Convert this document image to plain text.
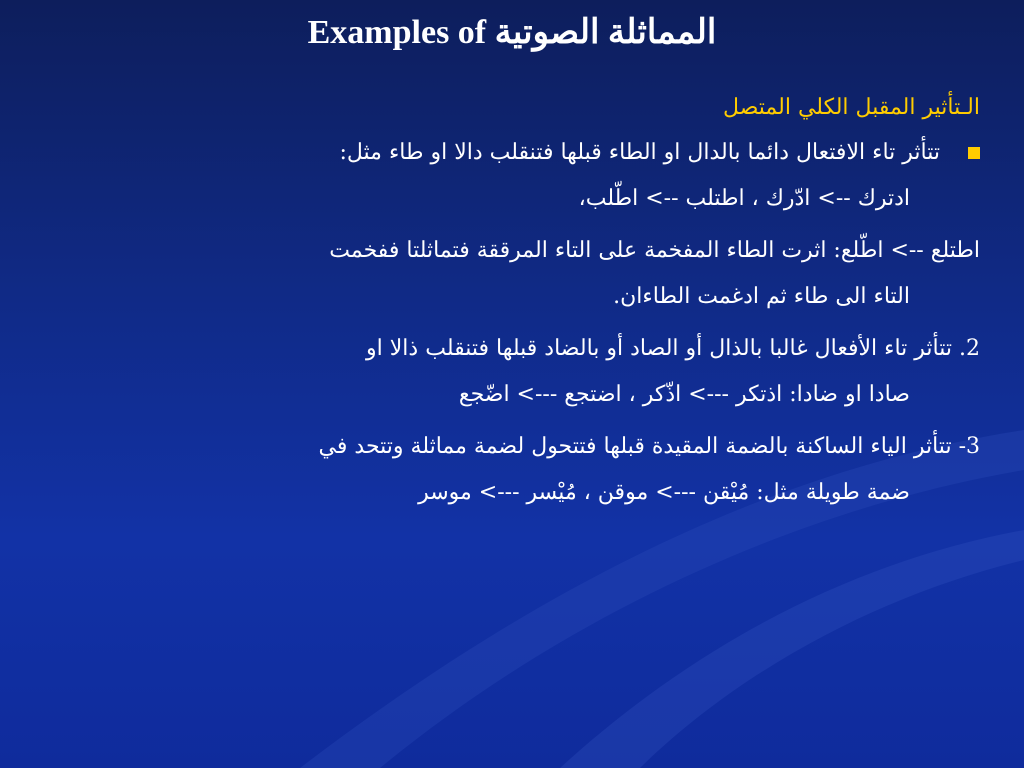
Examples of المماثلة الصوتية
الـتأثير المقبل الكلي المتصل
تتأثر تاء الافتعال دائما بالدال او الطاء قبلها فتنقلب دالا او طاء مثل:
ادترك --> ادّرك ، اطتلب --> اطّلب،
اطتلع --> اطّلع: اثرت الطاء المفخمة على التاء المرققة فتماثلتا ففخمت
التاء الى طاء ثم ادغمت الطاءان.
2. تتأثر تاء الأفعال غالبا بالذال أو الصاد أو بالضاد قبلها فتنقلب ذالا او
صادا او ضادا: اذتكر ---> اذّكر ، اضتجع ---> اضّجع
3- تتأثر الياء الساكنة بالضمة المقيدة قبلها فتتحول لضمة مماثلة وتتحد في
ضمة طويلة مثل: مُيْقن ---> موقن ، مُيْسر ---> موسر
